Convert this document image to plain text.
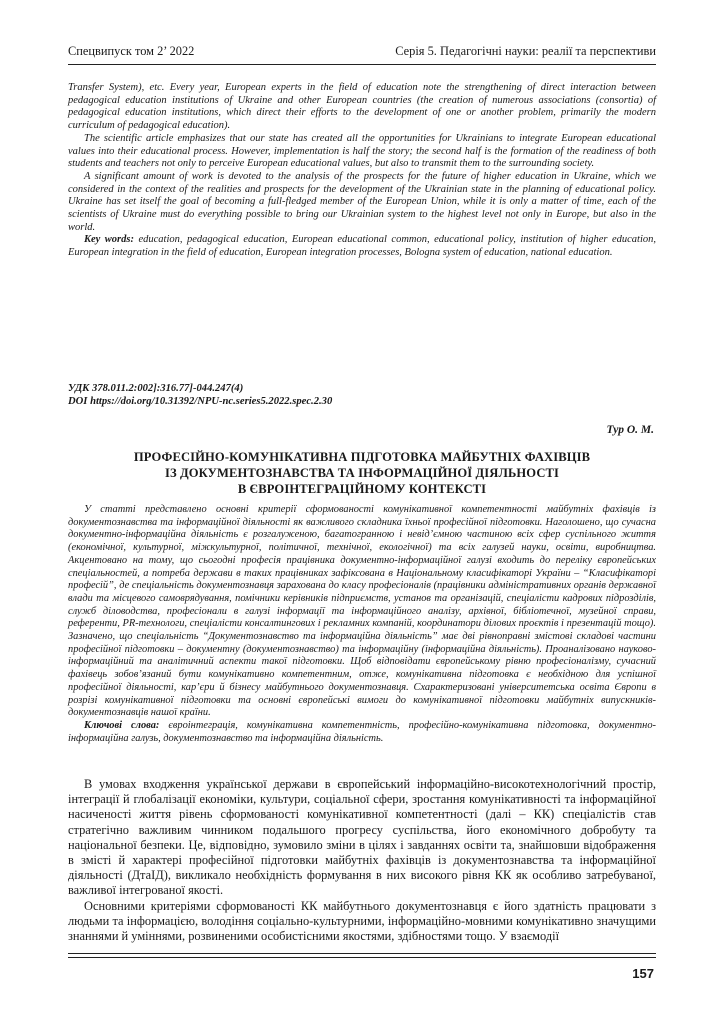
Спецвипуск том 2’ 2022	Серія 5. Педагогічні науки: реалії та перспективи

Transfer System), etc. Every year, European experts in the field of education note the strengthening of direct interaction between pedagogical education institutions of Ukraine and other European countries (the creation of numerous associations (consortia) of pedagogical education institutions, which direct their efforts to the development of one or another problem, primarily the modern curriculum of pedagogical education).

The scientific article emphasizes that our state has created all the opportunities for Ukrainians to integrate European educational values into their educational process. However, implementation is half the story; the second half is the formation of the readiness of both students and teachers not only to perceive European educational values, but also to transmit them to the surrounding society.

A significant amount of work is devoted to the analysis of the prospects for the future of higher education in Ukraine, which we considered in the context of the realities and prospects for the development of the Ukrainian state in the planning of educational policy. Ukraine has set itself the goal of becoming a full-fledged member of the European Union, while it is only a matter of time, each of the scientists of Ukraine must do everything possible to bring our Ukrainian system to the highest level not only in Europe, but also in the world.

Key words: education, pedagogical education, European educational common, educational policy, institution of higher education, European integration in the field of education, European integration processes, Bologna system of education, national education.

УДК 378.011.2:002]:316.77]-044.247(4)
DOI https://doi.org/10.31392/NPU-nc.series5.2022.spec.2.30
Тур О. М.
ПРОФЕСІЙНО-КОМУНІКАТИВНА ПІДГОТОВКА МАЙБУТНІХ ФАХІВЦІВ
ІЗ ДОКУМЕНТОЗНАВСТВА ТА ІНФОРМАЦІЙНОЇ ДІЯЛЬНОСТІ
В ЄВРОІНТЕГРАЦІЙНОМУ КОНТЕКСТІ

У статті представлено основні критерії сформованості комунікативної компетентності майбутніх фахівців із документознавства та інформаційної діяльності як важливого складника їхньої професійної підготовки. Наголошено, що сучасна документно-інформаційна діяльність є розгалуженою, багатогранною і невід’ємною частиною всіх сфер суспільного життя (економічної, культурної, міжкультурної, політичної, технічної, екологічної) та всіх галузей науки, освіти, виробництва. Акцентовано на тому, що сьогодні професія працівника документно-інформаційної галузі входить до переліку європейських спеціальностей, а потреба держави в таких працівниках зафіксована в Національному класифікаторі України – “Класифікаторі професій”, де спеціальність документознавця зарахована до класу професіоналів (працівники адміністративних органів державної влади та місцевого самоврядування, помічники керівників підприємств, установ та організацій, спеціалісти кадрових підрозділів, служб діловодства, професіонали в галузі інформації та інформаційного аналізу, архівної, бібліотечної, музейної справи, референти, PR-технологи, спеціалісти консалтингових і рекламних компаній, координатори ділових проєктів і презентацій тощо). Зазначено, що спеціальність “Документознавство та інформаційна діяльність” має дві рівноправні змістові складові частини професійної підготовки – документну (документознавство) та інформаційну (інформаційна діяльність). Проаналізовано науково-інформаційний та аналітичний аспекти такої підготовки. Щоб відповідати європейському рівню професіоналізму, сучасний фахівець зобов’язаний бути комунікативно компетентним, отже, комунікативна підготовка є необхідною для успішної професійної діяльності, кар’єри й бізнесу майбутнього документознавця. Схарактеризовані університетська освіта Європи в розрізі комунікативної підготовки та основні європейські вимоги до комунікативної підготовки майбутніх випускників-документознавців нашої країни.

Ключові слова: євроінтеграція, комунікативна компетентність, професійно-комунікативна підготовка, документно-інформаційна галузь, документознавство та інформаційна діяльність.

В умовах входження української держави в європейський інформаційно-високотехнологічний простір, інтеграції й глобалізації економіки, культури, соціальної сфери, зростання комунікативності та інформаційної насиченості життя рівень сформованості комунікативної компетентності (далі – КК) спеціалістів став стратегічно важливим чинником подальшого прогресу суспільства, його економічного добробуту та національної безпеки. Це, відповідно, зумовило зміни в цілях і завданнях освіти та, знайшовши відображення в змісті й характері професійної підготовки майбутніх фахівців із документознавства та інформаційної діяльності (ДтаІД), викликало необхідність формування в них високого рівня КК як особливо затребуваної, важливої інтегрованої якості.

Основними критеріями сформованості КК майбутнього документознавця є його здатність працювати з людьми та інформацією, володіння соціально-культурними, інформаційно-мовними комунікативно значущими знаннями й уміннями, розвиненими особистісними якостями, здібностями тощо. У взаємодії

157
